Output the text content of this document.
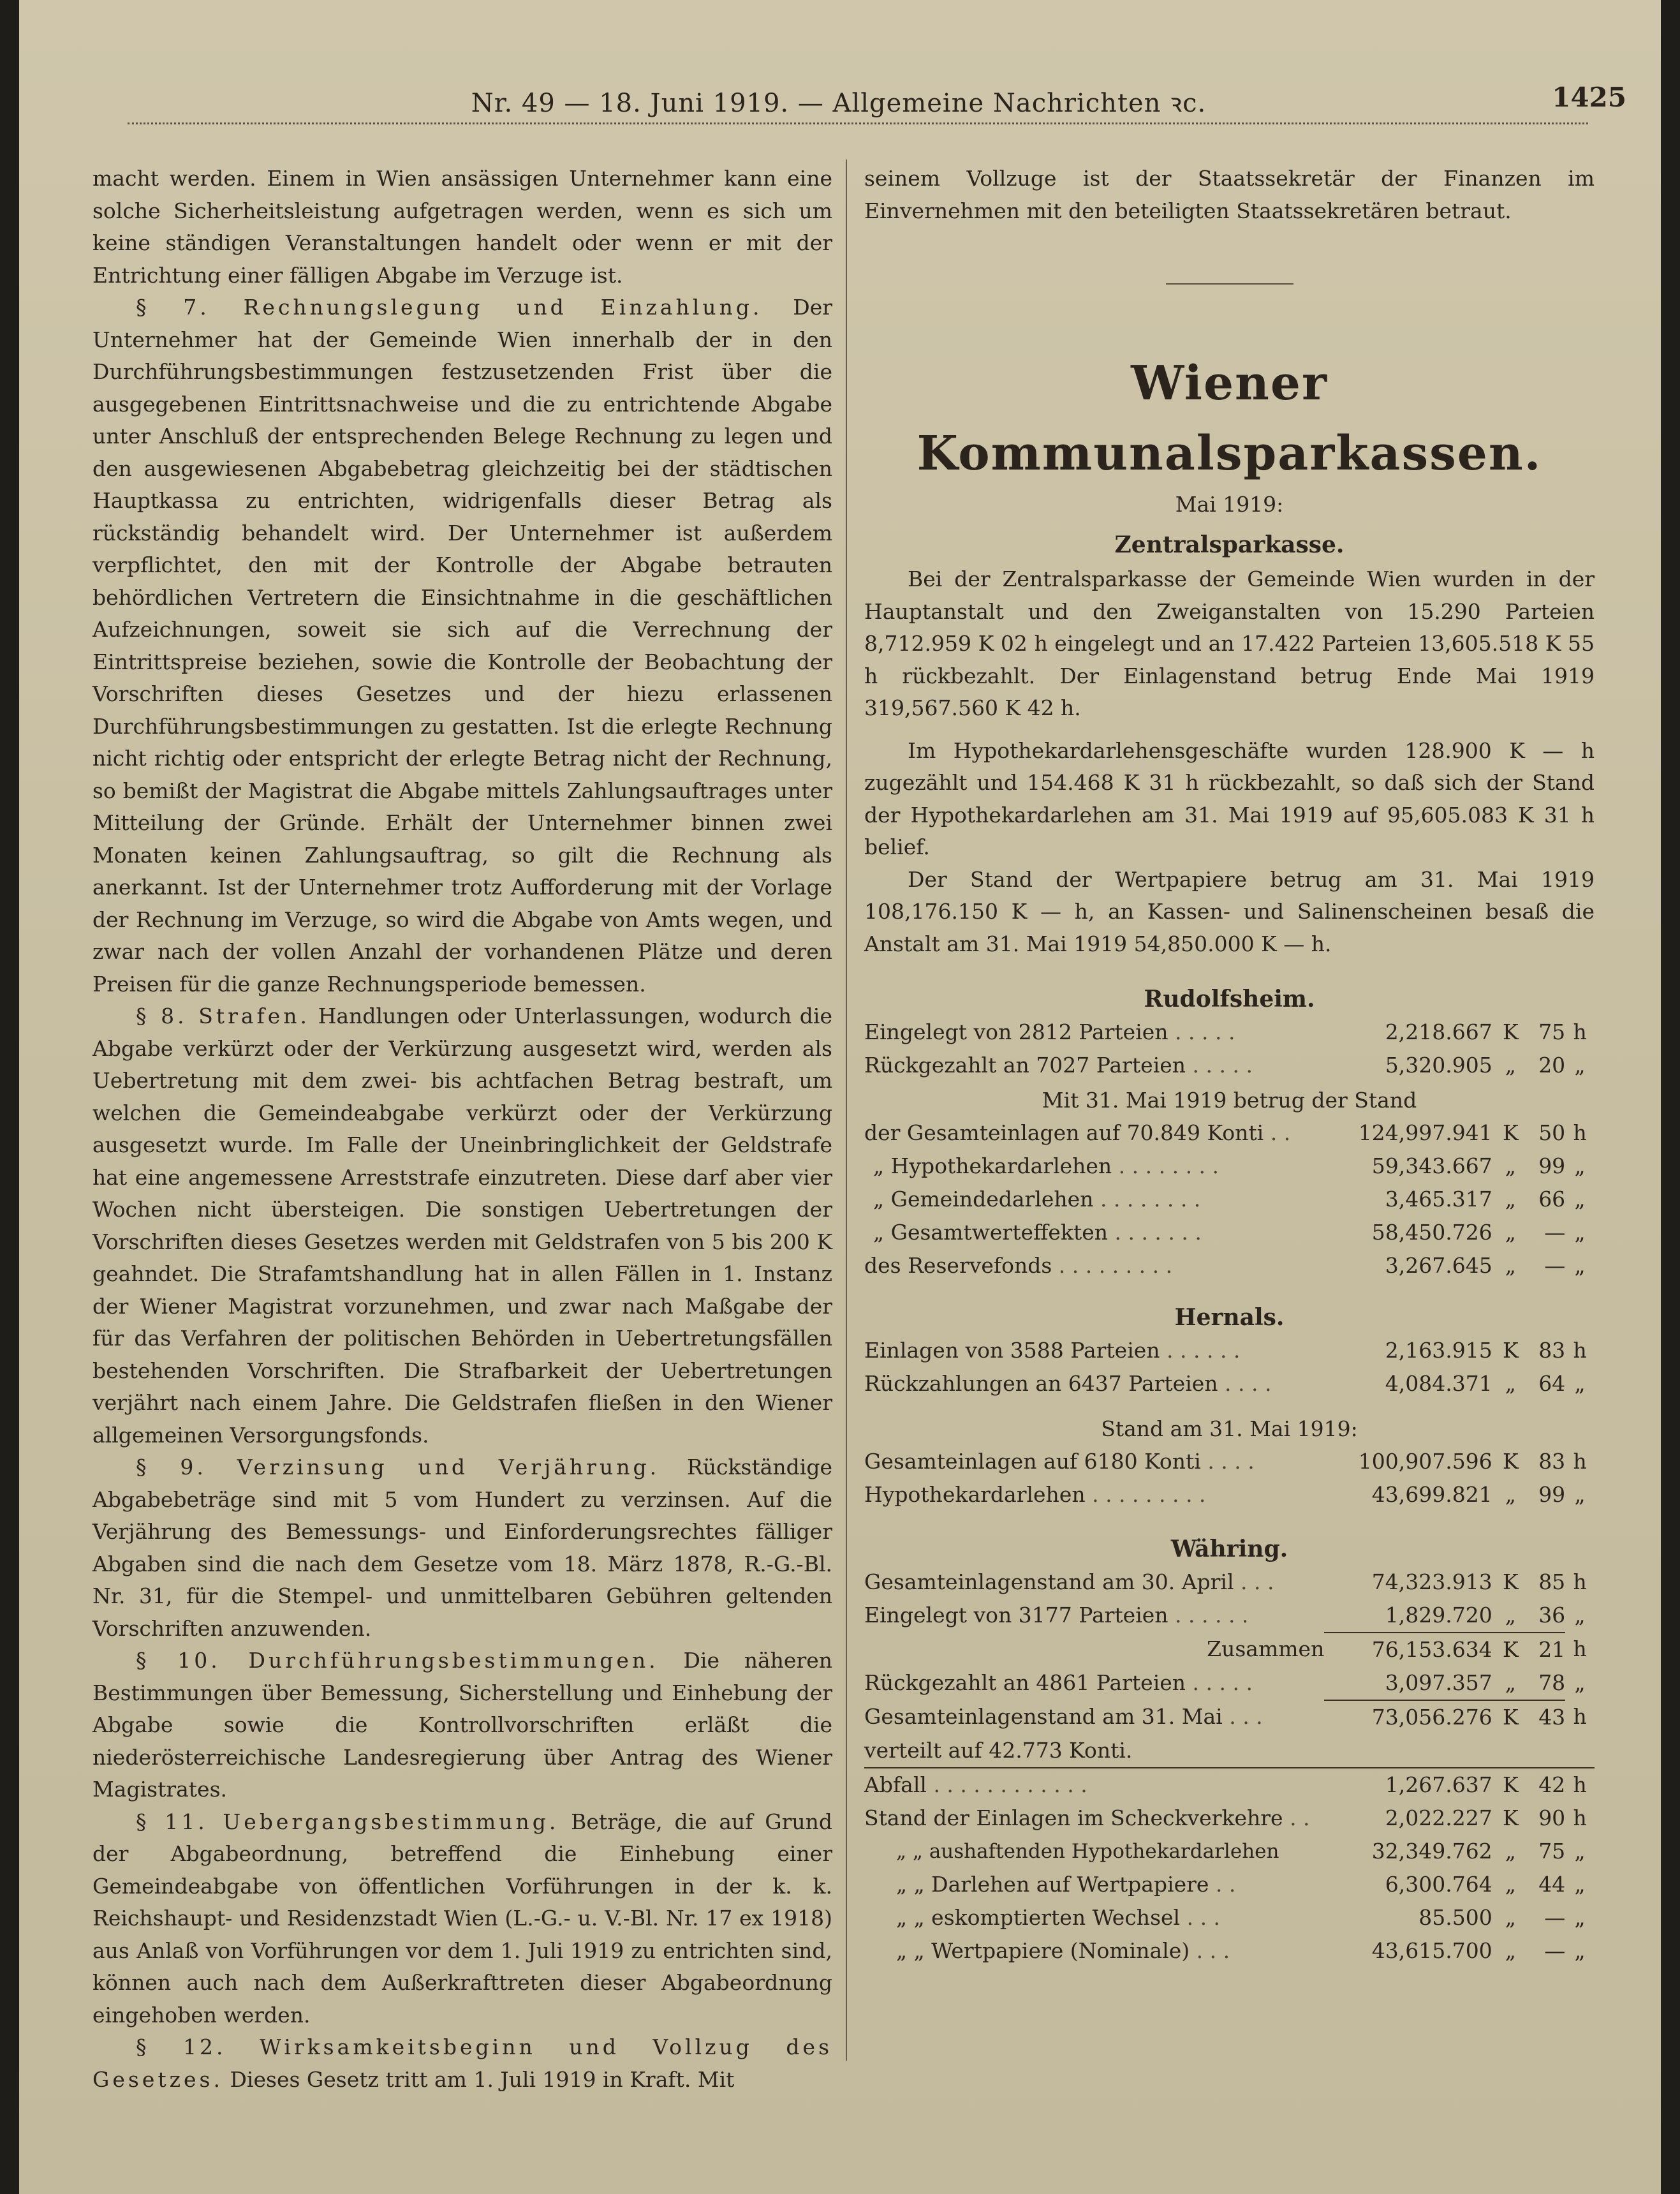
Nr. 49 — 18. Juni 1919. — Allgemeine Nachrichten ꝛc.	1425

macht werden. Einem in Wien ansässigen Unternehmer kann eine solche Sicherheitsleistung aufgetragen werden, wenn es sich um keine ständigen Veranstaltungen handelt oder wenn er mit der Entrichtung einer fälligen Abgabe im Verzuge ist.

§ 7. Rechnungslegung und Einzahlung. Der Unternehmer hat der Gemeinde Wien innerhalb der in den Durchführungsbestimmungen festzusetzenden Frist über die ausgegebenen Eintrittsnachweise und die zu entrichtende Abgabe unter Anschluß der entsprechenden Belege Rechnung zu legen und den ausgewiesenen Abgabebetrag gleichzeitig bei der städtischen Hauptkassa zu entrichten, widrigenfalls dieser Betrag als rückständig behandelt wird. Der Unternehmer ist außerdem verpflichtet, den mit der Kontrolle der Abgabe betrauten behördlichen Vertretern die Einsichtnahme in die geschäftlichen Aufzeichnungen, soweit sie sich auf die Verrechnung der Eintrittspreise beziehen, sowie die Kontrolle der Beobachtung der Vorschriften dieses Gesetzes und der hiezu erlassenen Durchführungsbestimmungen zu gestatten. Ist die erlegte Rechnung nicht richtig oder entspricht der erlegte Betrag nicht der Rechnung, so bemißt der Magistrat die Abgabe mittels Zahlungsauftrages unter Mitteilung der Gründe. Erhält der Unternehmer binnen zwei Monaten keinen Zahlungsauftrag, so gilt die Rechnung als anerkannt. Ist der Unternehmer trotz Aufforderung mit der Vorlage der Rechnung im Verzuge, so wird die Abgabe von Amts wegen, und zwar nach der vollen Anzahl der vorhandenen Plätze und deren Preisen für die ganze Rechnungsperiode bemessen.

§ 8. Strafen. Handlungen oder Unterlassungen, wodurch die Abgabe verkürzt oder der Verkürzung ausgesetzt wird, werden als Uebertretung mit dem zwei- bis achtfachen Betrag bestraft, um welchen die Gemeindeabgabe verkürzt oder der Verkürzung ausgesetzt wurde. Im Falle der Uneinbringlichkeit der Geldstrafe hat eine angemessene Arreststrafe einzutreten. Diese darf aber vier Wochen nicht übersteigen. Die sonstigen Uebertretungen der Vorschriften dieses Gesetzes werden mit Geldstrafen von 5 bis 200 K geahndet. Die Strafamtshandlung hat in allen Fällen in 1. Instanz der Wiener Magistrat vorzunehmen, und zwar nach Maßgabe der für das Verfahren der politischen Behörden in Uebertretungsfällen bestehenden Vorschriften. Die Strafbarkeit der Uebertretungen verjährt nach einem Jahre. Die Geldstrafen fließen in den Wiener allgemeinen Versorgungsfonds.

§ 9. Verzinsung und Verjährung. Rückständige Abgabebeträge sind mit 5 vom Hundert zu verzinsen. Auf die Verjährung des Bemessungs- und Einforderungsrechtes fälliger Abgaben sind die nach dem Gesetze vom 18. März 1878, R.-G.-Bl. Nr. 31, für die Stempel- und unmittelbaren Gebühren geltenden Vorschriften anzuwenden.

§ 10. Durchführungsbestimmungen. Die näheren Bestimmungen über Bemessung, Sicherstellung und Einhebung der Abgabe sowie die Kontrollvorschriften erläßt die niederösterreichische Landesregierung über Antrag des Wiener Magistrates.

§ 11. Uebergangsbestimmung. Beträge, die auf Grund der Abgabeordnung, betreffend die Einhebung einer Gemeindeabgabe von öffentlichen Vorführungen in der k. k. Reichshaupt- und Residenzstadt Wien (L.-G.- u. V.-Bl. Nr. 17 ex 1918) aus Anlaß von Vorführungen vor dem 1. Juli 1919 zu entrichten sind, können auch nach dem Außerkrafttreten dieser Abgabeordnung eingehoben werden.

§ 12. Wirksamkeitsbeginn und Vollzug des Gesetzes. Dieses Gesetz tritt am 1. Juli 1919 in Kraft. Mit

seinem Vollzuge ist der Staatssekretär der Finanzen im Einvernehmen mit den beteiligten Staatssekretären betraut.

Wiener Kommunalsparkassen.

Mai 1919:

Zentralsparkasse.

Bei der Zentralsparkasse der Gemeinde Wien wurden in der Hauptanstalt und den Zweiganstalten von 15.290 Parteien 8,712.959 K 02 h eingelegt und an 17.422 Parteien 13,605.518 K 55 h rückbezahlt. Der Einlagenstand betrug Ende Mai 1919 319,567.560 K 42 h.

Im Hypothekardarlehensgeschäfte wurden 128.900 K — h zugezählt und 154.468 K 31 h rückbezahlt, so daß sich der Stand der Hypothekardarlehen am 31. Mai 1919 auf 95,605.083 K 31 h belief.

Der Stand der Wertpapiere betrug am 31. Mai 1919 108,176.150 K — h, an Kassen- und Salinenscheinen besaß die Anstalt am 31. Mai 1919 54,850.000 K — h.

Rudolfsheim.

Eingelegt von 2812 Parteien . . . . .	2,218.667	K	75	h
Rückgezahlt an 7027 Parteien . . . . .	5,320.905	„	20	„

Mit 31. Mai 1919 betrug der Stand

der Gesamteinlagen auf 70.849 Konti . .	124,997.941	K	50	h
„ Hypothekardarlehen . . . . . . . .	59,343.667	„	99	„
„ Gemeindedarlehen . . . . . . . .	3,465.317	„	66	„
„ Gesamtwerteffekten . . . . . . .	58,450.726	„	—	„
des Reservefonds . . . . . . . . .	3,267.645	„	—	„

Hernals.

Einlagen von 3588 Parteien . . . . . .	2,163.915	K	83	h
Rückzahlungen an 6437 Parteien . . . .	4,084.371	„	64	„

Stand am 31. Mai 1919:

Gesamteinlagen auf 6180 Konti . . . .	100,907.596	K	83	h
Hypothekardarlehen . . . . . . . . .	43,699.821	„	99	„

Währing.

Gesamteinlagenstand am 30. April . . .	74,323.913	K	85	h
Eingelegt von 3177 Parteien . . . . . .	1,829.720	„	36	„
Zusammen	76,153.634	K	21	h
Rückgezahlt an 4861 Parteien . . . . .	3,097.357	„	78	„
Gesamteinlagenstand am 31. Mai . . .	73,056.276	K	43	h
verteilt auf 42.773 Konti.				
Abfall . . . . . . . . . . . .	1,267.637	K	42	h
Stand der Einlagen im Scheckverkehre . .	2,022.227	K	90	h
„ „ aushaftenden Hypothekardarlehen	32,349.762	„	75	„
„ „ Darlehen auf Wertpapiere . .	6,300.764	„	44	„
„ „ eskomptierten Wechsel . . .	85.500	„	—	„
„ „ Wertpapiere (Nominale) . . .	43,615.700	„	—	„
